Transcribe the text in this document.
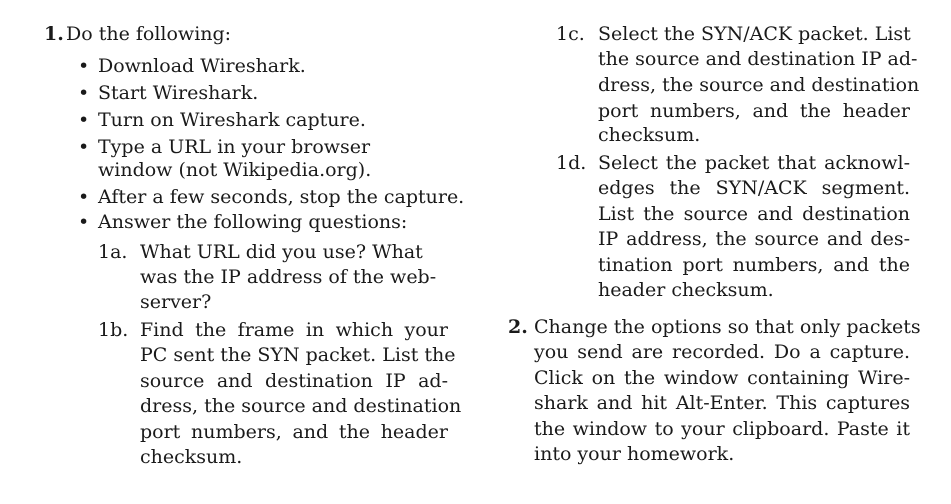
1. Do the following:
• Download Wireshark.
• Start Wireshark.
• Turn on Wireshark capture.
• Type a URL in your browser
window (not Wikipedia.org).
• After a few seconds, stop the capture.
• Answer the following questions:
1a. What URL did you use? What
was the IP address of the web-
server?
1b. Find the frame in which your
PC sent the SYN packet. List the
source and destination IP ad-
dress, the source and destination
port numbers, and the header
checksum.
1c. Select the SYN/ACK packet. List
the source and destination IP ad-
dress, the source and destination
port numbers, and the header
checksum.
1d. Select the packet that acknowl-
edges the SYN/ACK segment.
List the source and destination
IP address, the source and des-
tination port numbers, and the
header checksum.
2. Change the options so that only packets
you send are recorded. Do a capture.
Click on the window containing Wire-
shark and hit Alt-Enter. This captures
the window to your clipboard. Paste it
into your homework.
